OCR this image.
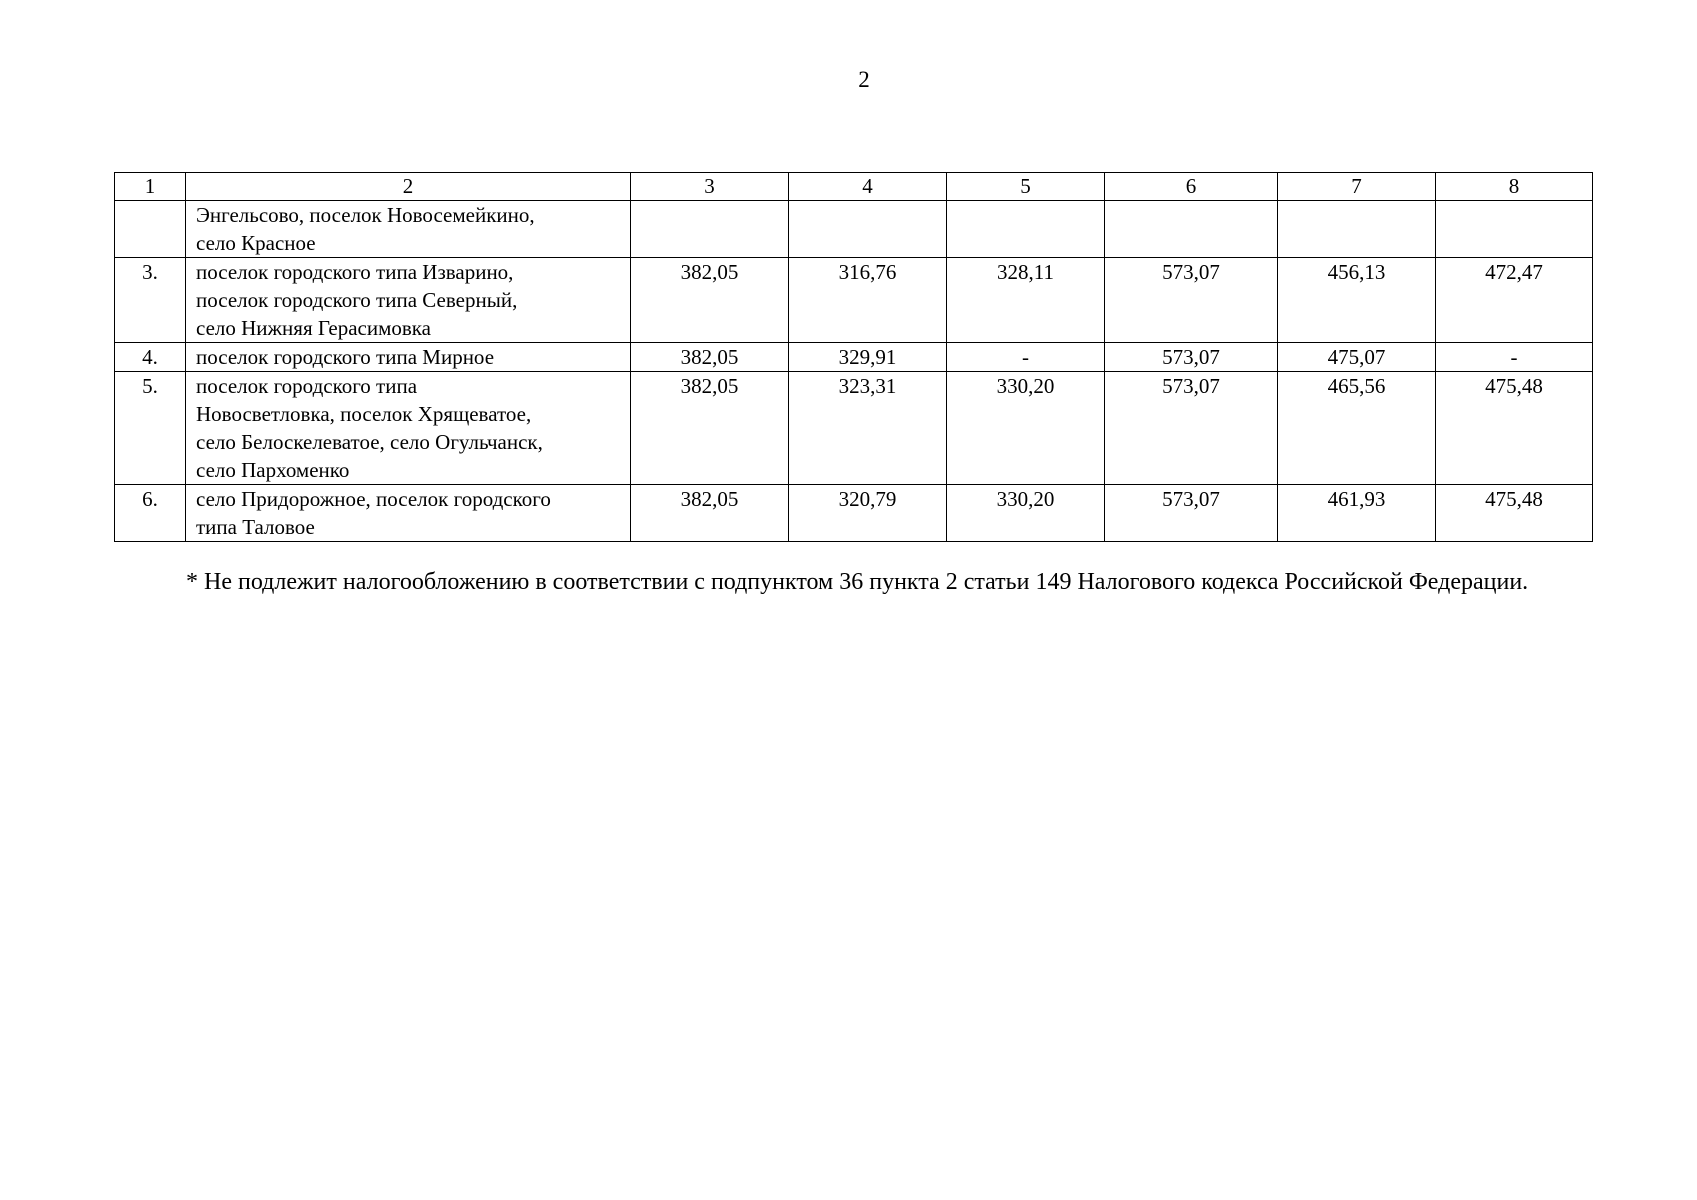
2
1	2	3	4	5	6	7	8

	Энгельсово, поселок Новосемейкино,
село Красное						

3.	поселок городского типа Изварино,
поселок городского типа Северный,
село Нижняя Герасимовка	382,05	316,76	328,11	573,07	456,13	472,47
4.	поселок городского типа Мирное	382,05	329,91	-	573,07	475,07	-
5.	поселок городского типа
Новосветловка, поселок Хрящеватое,
село Белоскелеватое, село Огульчанск,
село Пархоменко	382,05	323,31	330,20	573,07	465,56	475,48
6.	село Придорожное, поселок городского
типа Таловое	382,05	320,79	330,20	573,07	461,93	475,48

* Не подлежит налогообложению в соответствии с подпунктом 36 пункта 2 статьи 149 Налогового кодекса Российской Федерации.
